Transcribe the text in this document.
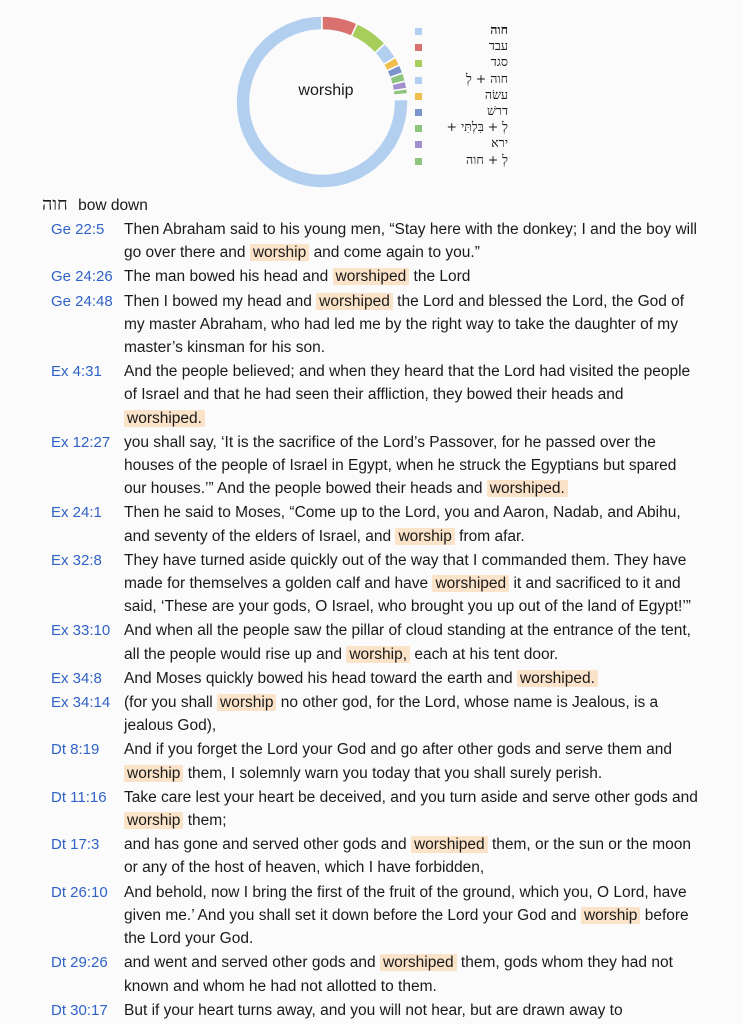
worship
חוה
עבד
סגד
חוה + לְ
עשׂה
דרשׁ
לְ + בִּלְתִּי +
ירא
לְ + חוה
חוה bow down
Ge 22:5 Then Abraham said to his young men, “Stay here with the donkey; I and the boy will go over there and worship and come again to you.”
Ge 24:26 The man bowed his head and worshiped the Lord
Ge 24:48 Then I bowed my head and worshiped the Lord and blessed the Lord, the God of my master Abraham, who had led me by the right way to take the daughter of my master’s kinsman for his son.
Ex 4:31 And the people believed; and when they heard that the Lord had visited the people of Israel and that he had seen their affliction, they bowed their heads and worshiped.
Ex 12:27 you shall say, ‘It is the sacrifice of the Lord’s Passover, for he passed over the houses of the people of Israel in Egypt, when he struck the Egyptians but spared our houses.’” And the people bowed their heads and worshiped.
Ex 24:1 Then he said to Moses, “Come up to the Lord, you and Aaron, Nadab, and Abihu, and seventy of the elders of Israel, and worship from afar.
Ex 32:8 They have turned aside quickly out of the way that I commanded them. They have made for themselves a golden calf and have worshiped it and sacrificed to it and said, ‘These are your gods, O Israel, who brought you up out of the land of Egypt!’”
Ex 33:10 And when all the people saw the pillar of cloud standing at the entrance of the tent, all the people would rise up and worship, each at his tent door.
Ex 34:8 And Moses quickly bowed his head toward the earth and worshiped.
Ex 34:14 (for you shall worship no other god, for the Lord, whose name is Jealous, is a jealous God),
Dt 8:19 And if you forget the Lord your God and go after other gods and serve them and worship them, I solemnly warn you today that you shall surely perish.
Dt 11:16 Take care lest your heart be deceived, and you turn aside and serve other gods and worship them;
Dt 17:3 and has gone and served other gods and worshiped them, or the sun or the moon or any of the host of heaven, which I have forbidden,
Dt 26:10 And behold, now I bring the first of the fruit of the ground, which you, O Lord, have given me.’ And you shall set it down before the Lord your God and worship before the Lord your God.
Dt 29:26 and went and served other gods and worshiped them, gods whom they had not known and whom he had not allotted to them.
Dt 30:17 But if your heart turns away, and you will not hear, but are drawn away to
